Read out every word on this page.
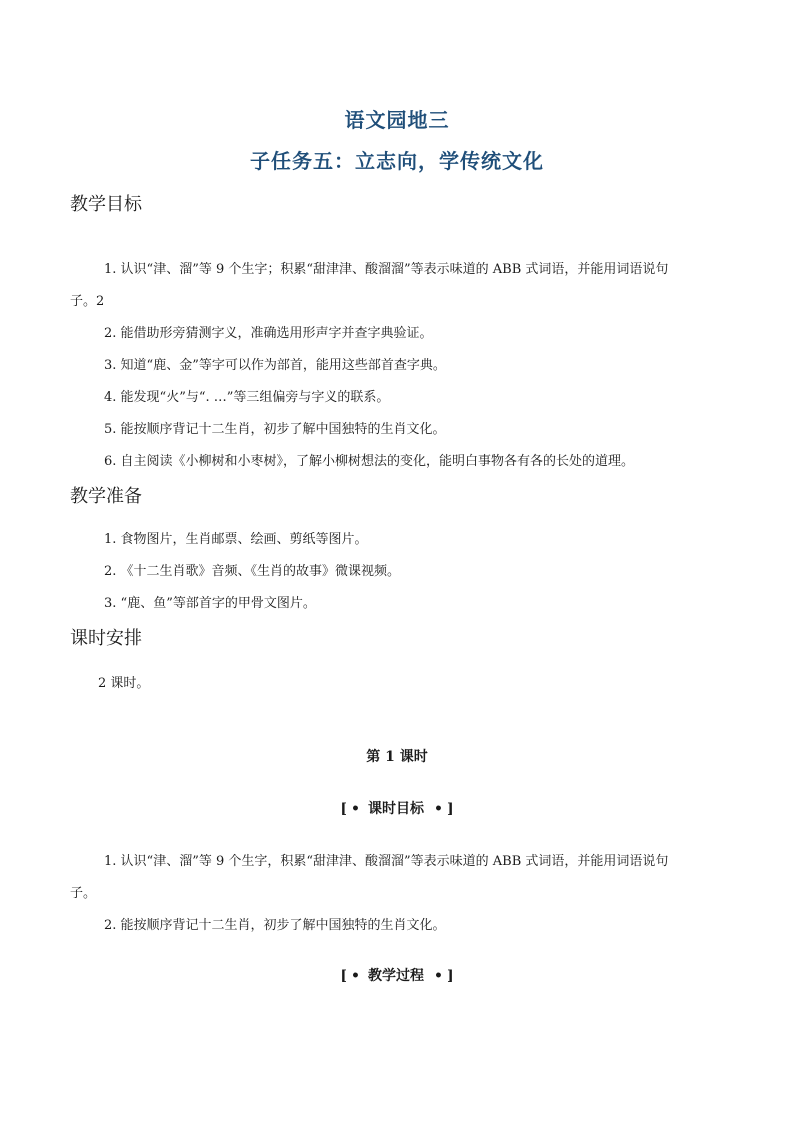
语文园地三
子任务五：立志向，学传统文化
教学目标
1. 认识“津、溜”等 9 个生字；积累“甜津津、酸溜溜”等表示味道的 ABB 式词语，并能用词语说句
子。2
2. 能借助形旁猜测字义，准确选用形声字并查字典验证。
3. 知道“鹿、金”等字可以作为部首，能用这些部首查字典。
4. 能发现“火”与“. …”等三组偏旁与字义的联系。
5. 能按顺序背记十二生肖，初步了解中国独特的生肖文化。
6. 自主阅读《小柳树和小枣树》，了解小柳树想法的变化，能明白事物各有各的长处的道理。
教学准备
1. 食物图片，生肖邮票、绘画、剪纸等图片。
2. 《十二生肖歌》音频、《生肖的故事》微课视频。
3. “鹿、鱼”等部首字的甲骨文图片。
课时安排
2 课时。
第 1 课时
[ • 课时目标 • ]
1. 认识“津、溜”等 9 个生字，积累“甜津津、酸溜溜”等表示味道的 ABB 式词语，并能用词语说句
子。
2. 能按顺序背记十二生肖，初步了解中国独特的生肖文化。
[ • 教学过程 • ]
